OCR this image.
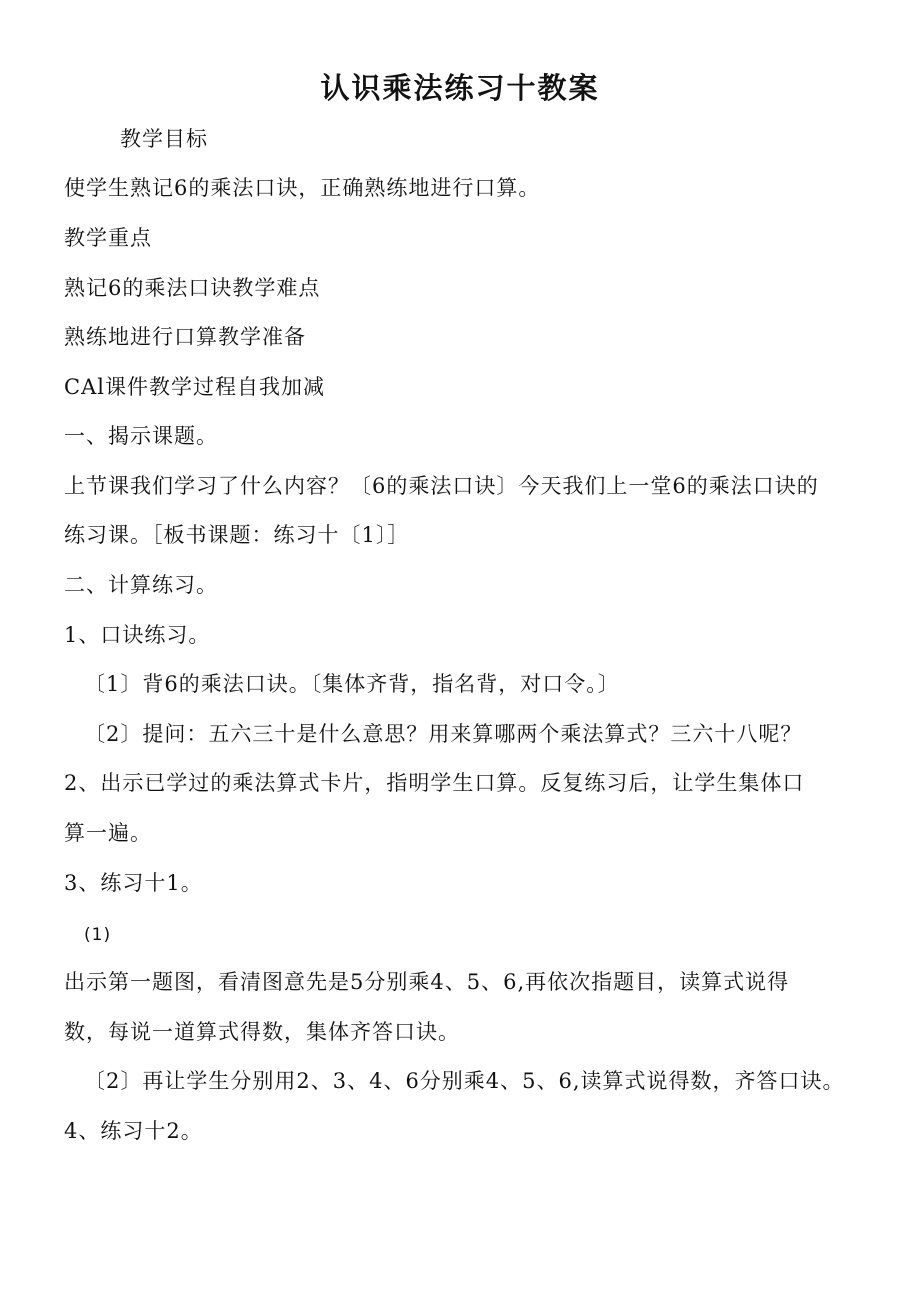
认识乘法练习十教案
教学目标
使学生熟记6的乘法口诀，正确熟练地进行口算。
教学重点
熟记6的乘法口诀教学难点
熟练地进行口算教学准备
CAl课件教学过程自我加减
一、揭示课题。
上节课我们学习了什么内容？〔6的乘法口诀〕今天我们上一堂6的乘法口诀的
练习课。［板书课题：练习十〔1〕］
二、计算练习。
1、口诀练习。
〔1〕背6的乘法口诀。〔集体齐背，指名背，对口令。〕
〔2〕提问：五六三十是什么意思？用来算哪两个乘法算式？三六十八呢？
2、出示已学过的乘法算式卡片，指明学生口算。反复练习后，让学生集体口
算一遍。
3、练习十1。
(1)
出示第一题图，看清图意先是5分别乘4、5、6,再依次指题目，读算式说得
数，每说一道算式得数，集体齐答口诀。
〔2〕再让学生分别用2、3、4、6分别乘4、5、6,读算式说得数，齐答口诀。
4、练习十2。
